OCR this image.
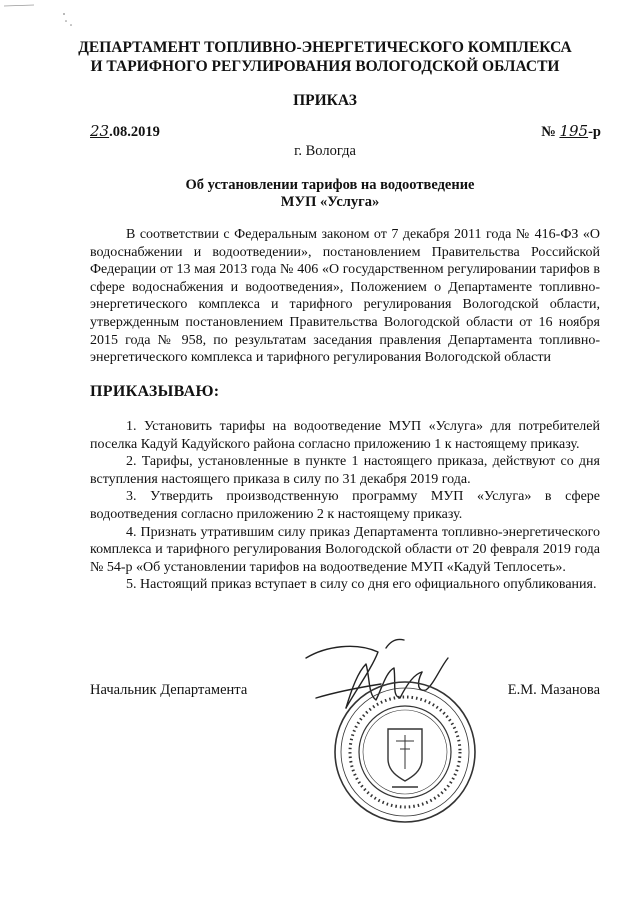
ДЕПАРТАМЕНТ ТОПЛИВНО-ЭНЕРГЕТИЧЕСКОГО КОМПЛЕКСА
И ТАРИФНОГО РЕГУЛИРОВАНИЯ ВОЛОГОДСКОЙ ОБЛАСТИ
ПРИКАЗ
23.08.2019	№ 195-р
г. Вологда
Об установлении тарифов на водоотведение
МУП «Услуга»

В соответствии с Федеральным законом от 7 декабря 2011 года № 416-ФЗ «О водоснабжении и водоотведении», постановлением Правительства Российской Федерации от 13 мая 2013 года № 406 «О государственном регулировании тарифов в сфере водоснабжения и водоотведения», Положением о Департаменте топливно-энергетического комплекса и тарифного регулирования Вологодской области, утвержденным постановлением Правительства Вологодской области от 16 ноября 2015 года № 958, по результатам заседания правления Департамента топливно-энергетического комплекса и тарифного регулирования Вологодской области

ПРИКАЗЫВАЮ:

1. Установить тарифы на водоотведение МУП «Услуга» для потребителей поселка Кадуй Кадуйского района согласно приложению 1 к настоящему приказу.

2. Тарифы, установленные в пункте 1 настоящего приказа, действуют со дня вступления настоящего приказа в силу по 31 декабря 2019 года.

3. Утвердить производственную программу МУП «Услуга» в сфере водоотведения согласно приложению 2 к настоящему приказу.

4. Признать утратившим силу приказ Департамента топливно-энергетического комплекса и тарифного регулирования Вологодской области от 20 февраля 2019 года № 54-р «Об установлении тарифов на водоотведение МУП «Кадуй Теплосеть».

5. Настоящий приказ вступает в силу со дня его официального опубликования.

Начальник Департамента	Е.М. Мазанова
